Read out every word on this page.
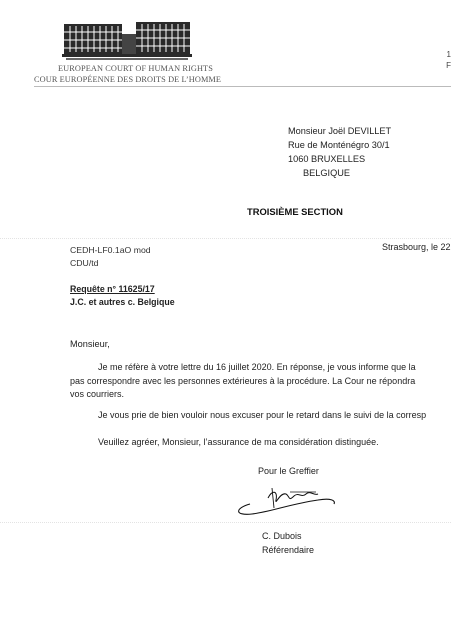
EUROPEAN COURT OF HUMAN RIGHTS
COUR EUROPÉENNE DES DROITS DE L’HOMME
1
F
Monsieur Joël DEVILLET
Rue de Monténégro 30/1
1060 BRUXELLES
BELGIQUE
TROISIÈME SECTION
CEDH-LF0.1aO mod
CDU/td
Strasbourg, le 22
Requête n° 11625/17
J.C. et autres c. Belgique
Monsieur,
Je me réfère à votre lettre du 16 juillet 2020. En réponse, je vous informe que la
pas correspondre avec les personnes extérieures à la procédure. La Cour ne répondra
vos courriers.
Je vous prie de bien vouloir nous excuser pour le retard dans le suivi de la corresp
Veuillez agréer, Monsieur, l’assurance de ma considération distinguée.
Pour le Greffier
C. Dubois
Référendaire
